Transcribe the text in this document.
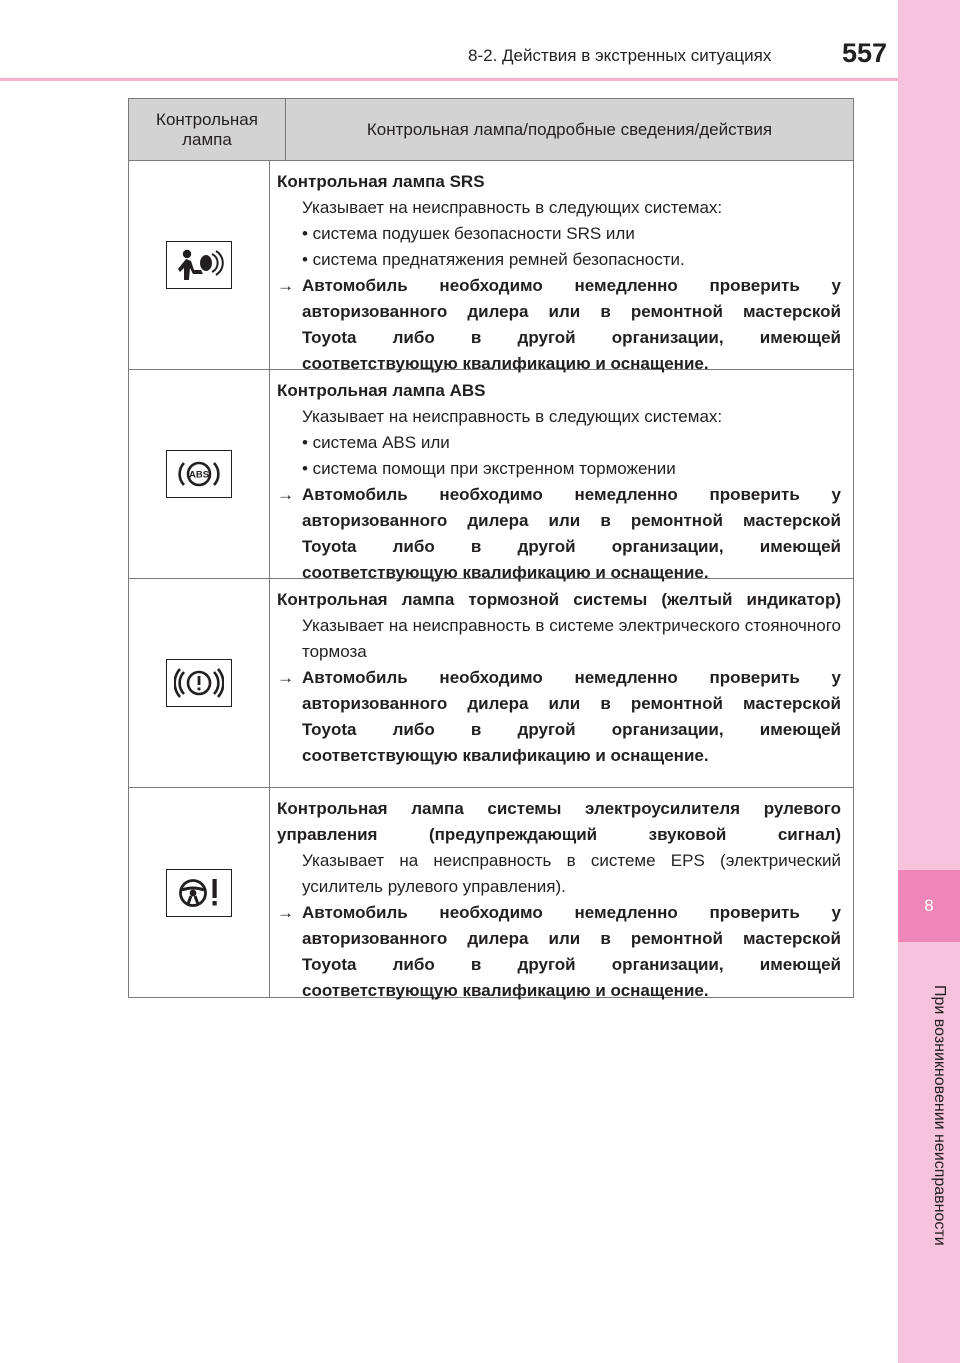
8-2. Действия в экстренных ситуациях	557
8
При возникновении неисправности
Контрольная лампа
Контрольная лампа/подробные сведения/действия
Контрольная лампа SRS
Указывает на неисправность в следующих системах:
• система подушек безопасности SRS или
• система преднатяжения ремней безопасности.
→ Автомобиль необходимо немедленно проверить у
авторизованного дилера или в ремонтной мастерской
Toyota либо в другой организации, имеющей
соответствующую квалификацию и оснащение.
ABS
Контрольная лампа ABS
Указывает на неисправность в следующих системах:
• система ABS или
• система помощи при экстренном торможении
→ Автомобиль необходимо немедленно проверить у
авторизованного дилера или в ремонтной мастерской
Toyota либо в другой организации, имеющей
соответствующую квалификацию и оснащение.
Контрольная лампа тормозной системы (желтый индикатор)
Указывает на неисправность в системе электрического стояночного тормоза
→ Автомобиль необходимо немедленно проверить у
авторизованного дилера или в ремонтной мастерской
Toyota либо в другой организации, имеющей
соответствующую квалификацию и оснащение.
Контрольная лампа системы электроусилителя рулевого управления (предупреждающий звуковой сигнал)
Указывает на неисправность в системе EPS (электрический усилитель рулевого управления).
→ Автомобиль необходимо немедленно проверить у
авторизованного дилера или в ремонтной мастерской
Toyota либо в другой организации, имеющей
соответствующую квалификацию и оснащение.
